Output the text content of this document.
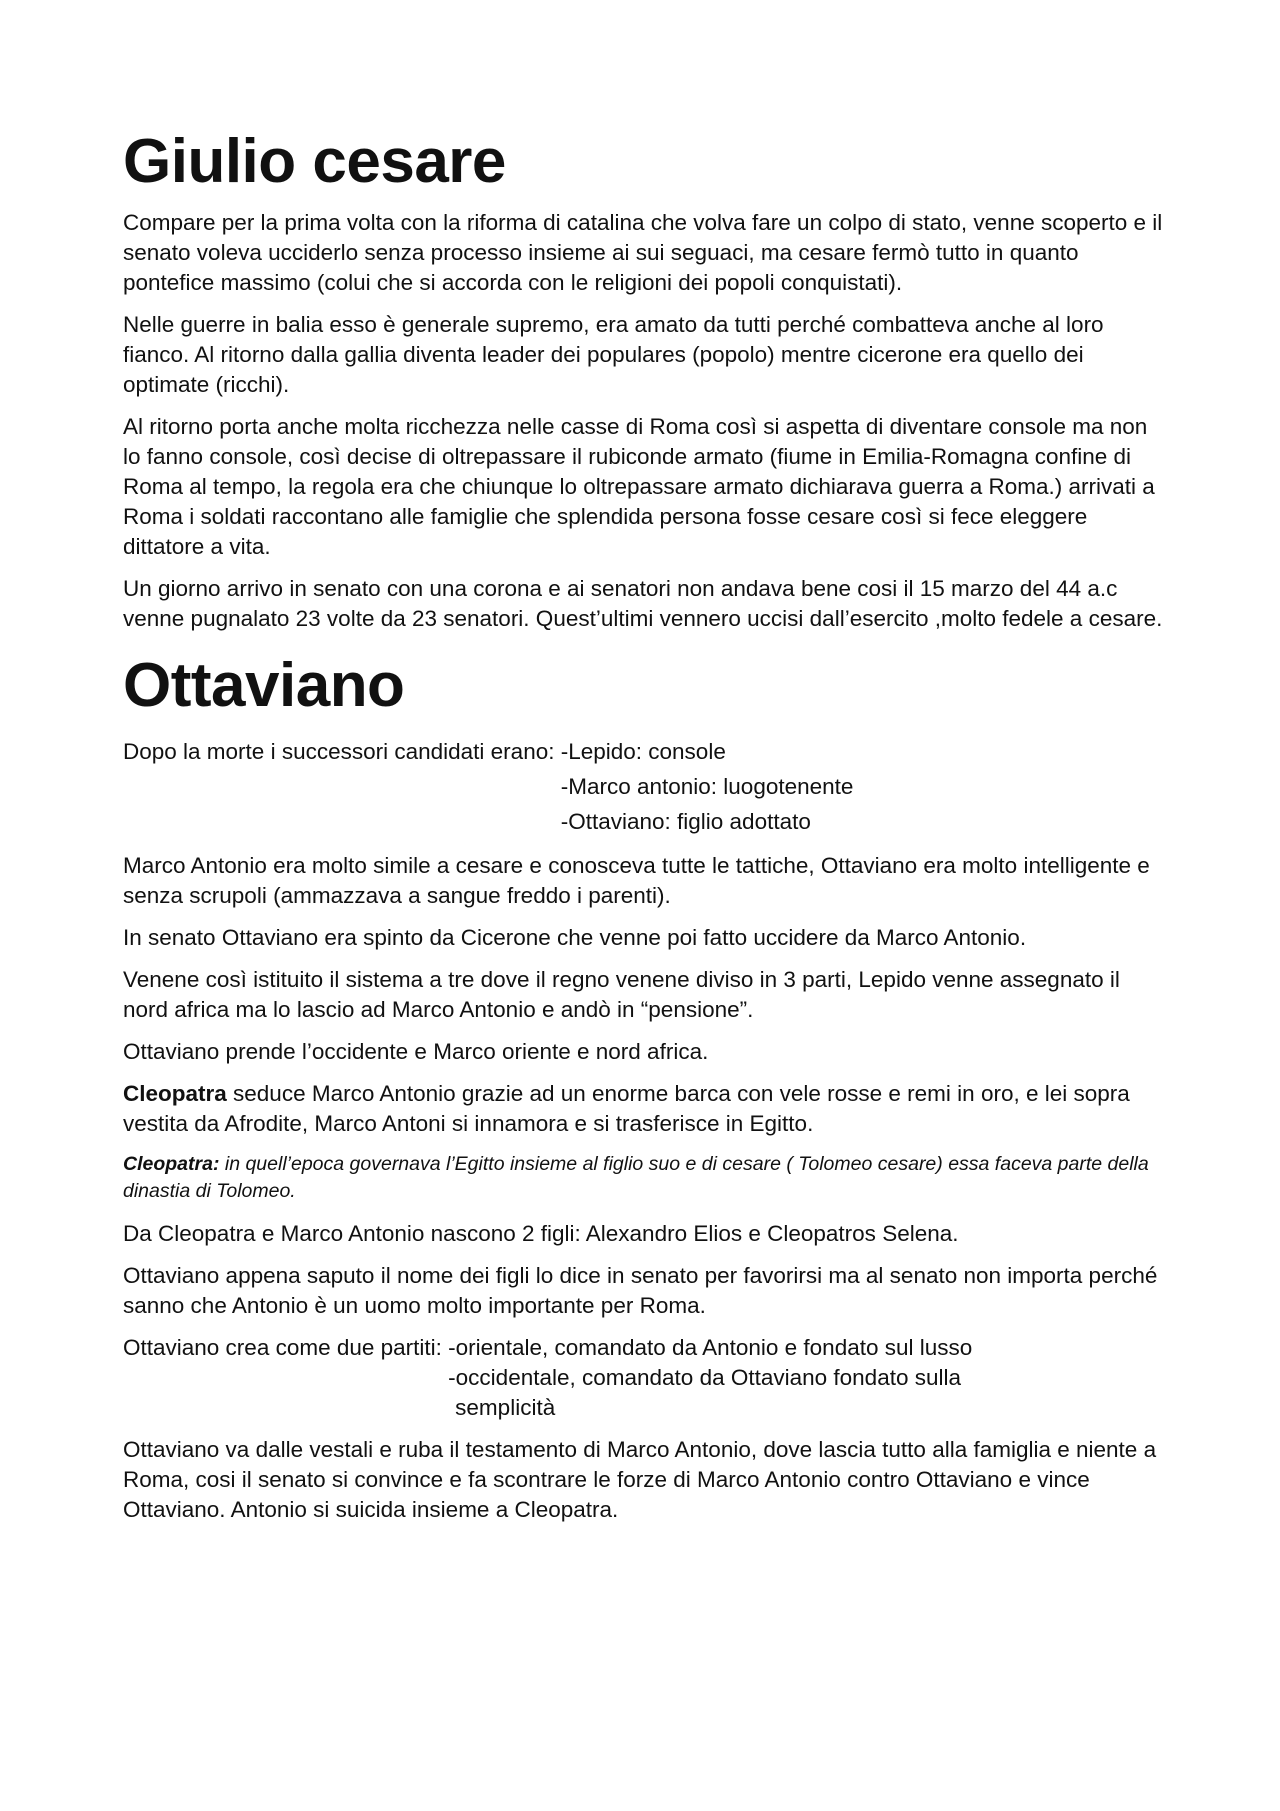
Giulio cesare

Compare per la prima volta con la riforma di catalina che volva fare un colpo di stato, venne scoperto e il senato voleva ucciderlo senza processo insieme ai sui seguaci, ma cesare fermò tutto in quanto pontefice massimo (colui che si accorda con le religioni dei popoli conquistati).

Nelle guerre in balia esso è generale supremo, era amato da tutti perché combatteva anche al loro fianco. Al ritorno dalla gallia diventa leader dei populares (popolo) mentre cicerone era quello dei optimate (ricchi).

Al ritorno porta anche molta ricchezza nelle casse di Roma così si aspetta di diventare console ma non lo fanno console, così decise di oltrepassare il rubiconde armato (fiume in Emilia-Romagna confine di Roma al tempo, la regola era che chiunque lo oltrepassare armato dichiarava guerra a Roma.) arrivati a Roma i soldati raccontano alle famiglie che splendida persona fosse cesare così si fece eleggere dittatore a vita.

Un giorno arrivo in senato con una corona e ai senatori non andava bene cosi il 15 marzo del 44 a.c venne pugnalato 23 volte da 23 senatori. Quest’ultimi vennero uccisi dall’esercito ,molto fedele a cesare.

Ottaviano
Dopo la morte i successori candidati erano: -Lepido: console
-Marco antonio: luogotenente
-Ottaviano: figlio adottato

Marco Antonio era molto simile a cesare e conosceva tutte le tattiche, Ottaviano era molto intelligente e senza scrupoli (ammazzava a sangue freddo i parenti).

In senato Ottaviano era spinto da Cicerone che venne poi fatto uccidere da Marco Antonio.

Venene così istituito il sistema a tre dove il regno venene diviso in 3 parti, Lepido venne assegnato il nord africa ma lo lascio ad Marco Antonio e andò in “pensione”.

Ottaviano prende l’occidente e Marco oriente e nord africa.

Cleopatra seduce Marco Antonio grazie ad un enorme barca con vele rosse e remi in oro, e lei sopra vestita da Afrodite, Marco Antoni si innamora e si trasferisce in Egitto.

Cleopatra: in quell’epoca governava l’Egitto insieme al figlio suo e di cesare ( Tolomeo cesare) essa faceva parte della dinastia di Tolomeo.

Da Cleopatra e Marco Antonio nascono 2 figli: Alexandro Elios e Cleopatros Selena.

Ottaviano appena saputo il nome dei figli lo dice in senato per favorirsi ma al senato non importa perché sanno che Antonio è un uomo molto importante per Roma.

Ottaviano crea come due partiti: -orientale, comandato da Antonio e fondato sul lusso
-occidentale, comandato da Ottaviano fondato sulla
semplicità

Ottaviano va dalle vestali e ruba il testamento di Marco Antonio, dove lascia tutto alla famiglia e niente a Roma, cosi il senato si convince e fa scontrare le forze di Marco Antonio contro Ottaviano e vince Ottaviano. Antonio si suicida insieme a Cleopatra.
